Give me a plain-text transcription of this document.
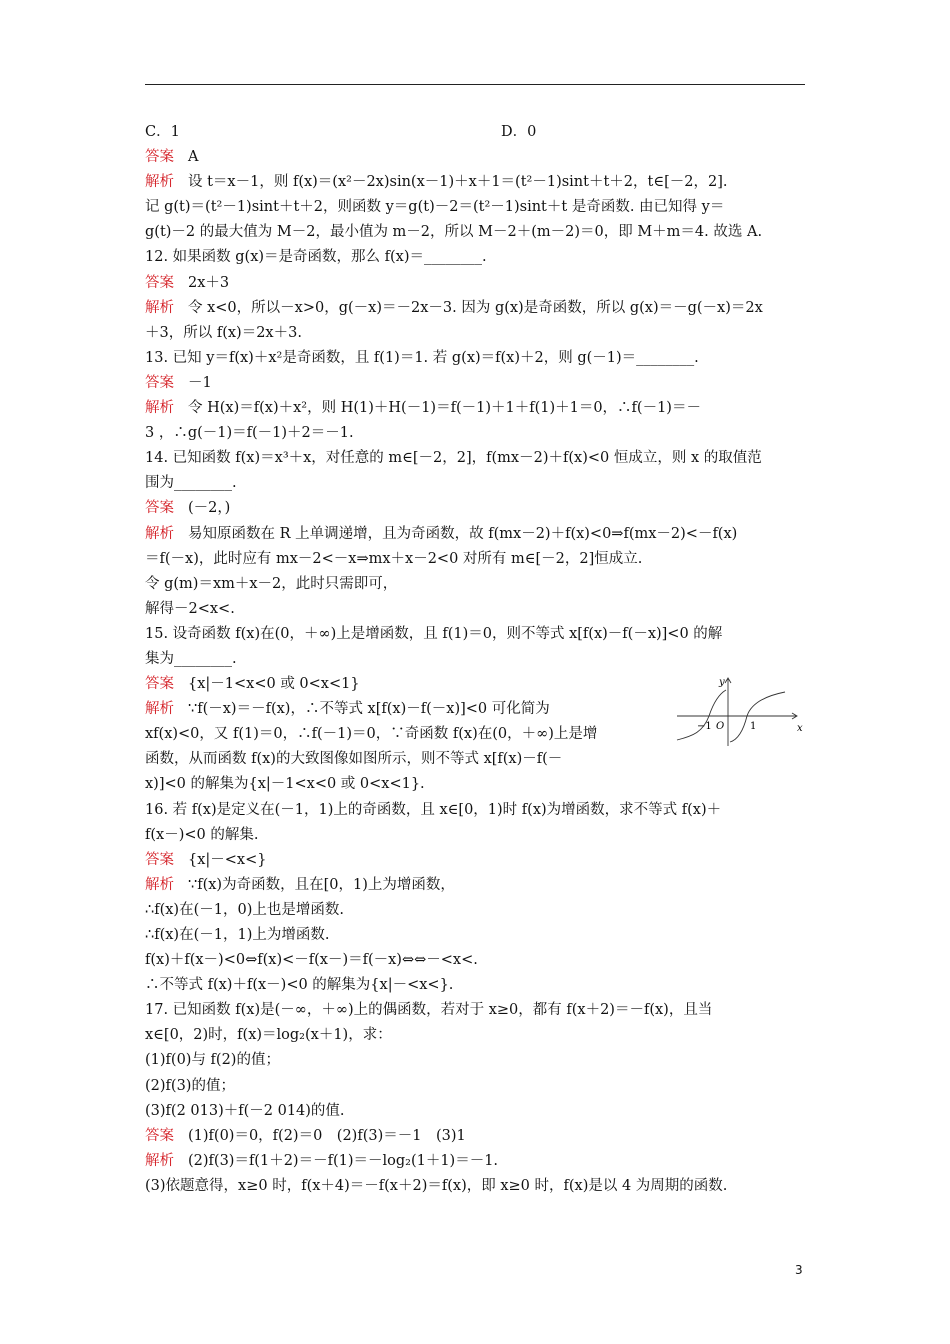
C．1	D．0
答案 A
解析 设 t＝x－1，则 f(x)＝(x²－2x)sin(x－1)＋x＋1＝(t²－1)sint＋t＋2，t∈[－2，2].
记 g(t)＝(t²－1)sint＋t＋2，则函数 y＝g(t)－2＝(t²－1)sint＋t 是奇函数. 由已知得 y＝
g(t)－2 的最大值为 M－2，最小值为 m－2，所以 M－2＋(m－2)＝0，即 M＋m＝4. 故选 A.
12. 如果函数 g(x)＝是奇函数，那么 f(x)＝________.
答案 2x＋3
解析 令 x<0，所以－x>0，g(－x)＝－2x－3. 因为 g(x)是奇函数，所以 g(x)＝－g(－x)＝2x
＋3，所以 f(x)＝2x＋3.
13. 已知 y＝f(x)＋x²是奇函数，且 f(1)＝1. 若 g(x)＝f(x)＋2，则 g(－1)＝________.
答案 －1
解析 令 H(x)＝f(x)＋x²，则 H(1)＋H(－1)＝f(－1)＋1＋f(1)＋1＝0，∴f(－1)＝－
3 ，∴g(－1)＝f(－1)＋2＝－1.
14. 已知函数 f(x)＝x³＋x，对任意的 m∈[－2，2]，f(mx－2)＋f(x)<0 恒成立，则 x 的取值范
围为________.
答案 (－2，)
解析 易知原函数在 R 上单调递增，且为奇函数，故 f(mx－2)＋f(x)<0⇒f(mx－2)<－f(x)
＝f(－x)，此时应有 mx－2<－x⇒mx＋x－2<0 对所有 m∈[－2，2]恒成立.
令 g(m)＝xm＋x－2，此时只需即可，
解得－2<x<.
15. 设奇函数 f(x)在(0，＋∞)上是增函数，且 f(1)＝0，则不等式 x[f(x)－f(－x)]<0 的解
集为________.
答案 {x|－1<x<0 或 0<x<1}
解析 ∵f(－x)＝－f(x)，∴不等式 x[f(x)－f(－x)]<0 可化简为
xf(x)<0，又 f(1)＝0，∴f(－1)＝0，∵奇函数 f(x)在(0，＋∞)上是增
函数，从而函数 f(x)的大致图像如图所示，则不等式 x[f(x)－f(－
x)]<0 的解集为{x|－1<x<0 或 0<x<1}.
16. 若 f(x)是定义在(－1，1)上的奇函数，且 x∈[0，1)时 f(x)为增函数，求不等式 f(x)＋
f(x－)<0 的解集.
答案 {x|－<x<}
解析 ∵f(x)为奇函数，且在[0，1)上为增函数，
∴f(x)在(－1，0)上也是增函数.
∴f(x)在(－1，1)上为增函数.
f(x)＋f(x－)<0⇔f(x)<－f(x－)＝f(－x)⇔⇔－<x<.
∴不等式 f(x)＋f(x－)<0 的解集为{x|－<x<}.
17. 已知函数 f(x)是(－∞，＋∞)上的偶函数，若对于 x≥0，都有 f(x＋2)＝－f(x)，且当
x∈[0，2)时，f(x)＝log₂(x＋1)，求：
(1)f(0)与 f(2)的值；
(2)f(3)的值；
(3)f(2 013)＋f(－2 014)的值.
答案 (1)f(0)＝0，f(2)＝0　(2)f(3)＝－1　(3)1
解析 (2)f(3)＝f(1＋2)＝－f(1)＝－log₂(1＋1)＝－1.
(3)依题意得，x≥0 时，f(x＋4)＝－f(x＋2)＝f(x)，即 x≥0 时，f(x)是以 4 为周期的函数.
y
x
O
−1	1
3
